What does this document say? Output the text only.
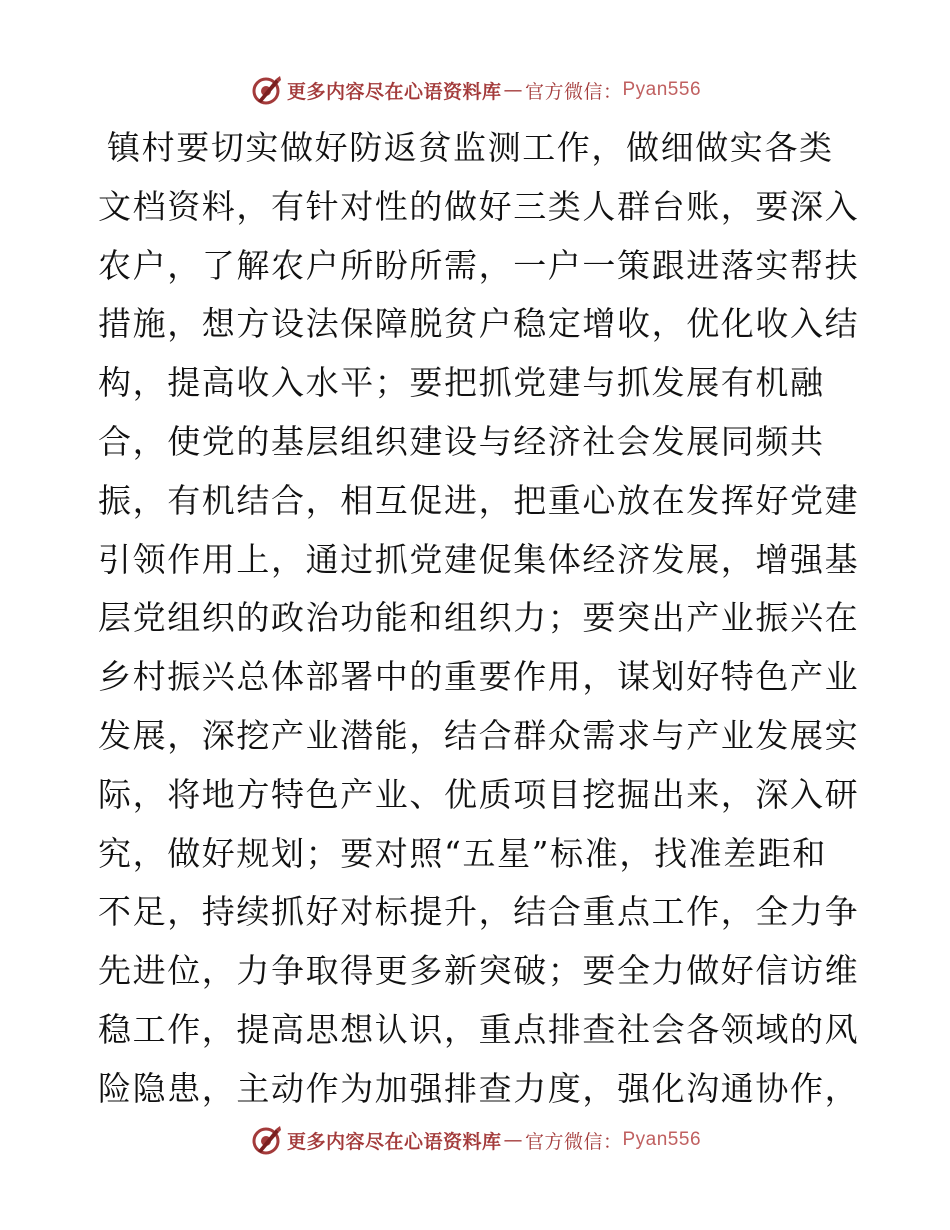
更多内容尽在心语资料库 — 官方微信： Pyan556
镇村要切实做好防返贫监测工作，做细做实各类
文档资料，有针对性的做好三类人群台账，要深入
农户，了解农户所盼所需，一户一策跟进落实帮扶
措施，想方设法保障脱贫户稳定增收，优化收入结
构，提高收入水平；要把抓党建与抓发展有机融
合，使党的基层组织建设与经济社会发展同频共
振，有机结合，相互促进，把重心放在发挥好党建
引领作用上，通过抓党建促集体经济发展，增强基
层党组织的政治功能和组织力；要突出产业振兴在
乡村振兴总体部署中的重要作用，谋划好特色产业
发展，深挖产业潜能，结合群众需求与产业发展实
际，将地方特色产业、优质项目挖掘出来，深入研
究，做好规划；要对照“五星”标准，找准差距和
不足，持续抓好对标提升，结合重点工作，全力争
先进位，力争取得更多新突破；要全力做好信访维
稳工作，提高思想认识，重点排查社会各领域的风
险隐患，主动作为加强排查力度，强化沟通协作，
更多内容尽在心语资料库 — 官方微信： Pyan556
